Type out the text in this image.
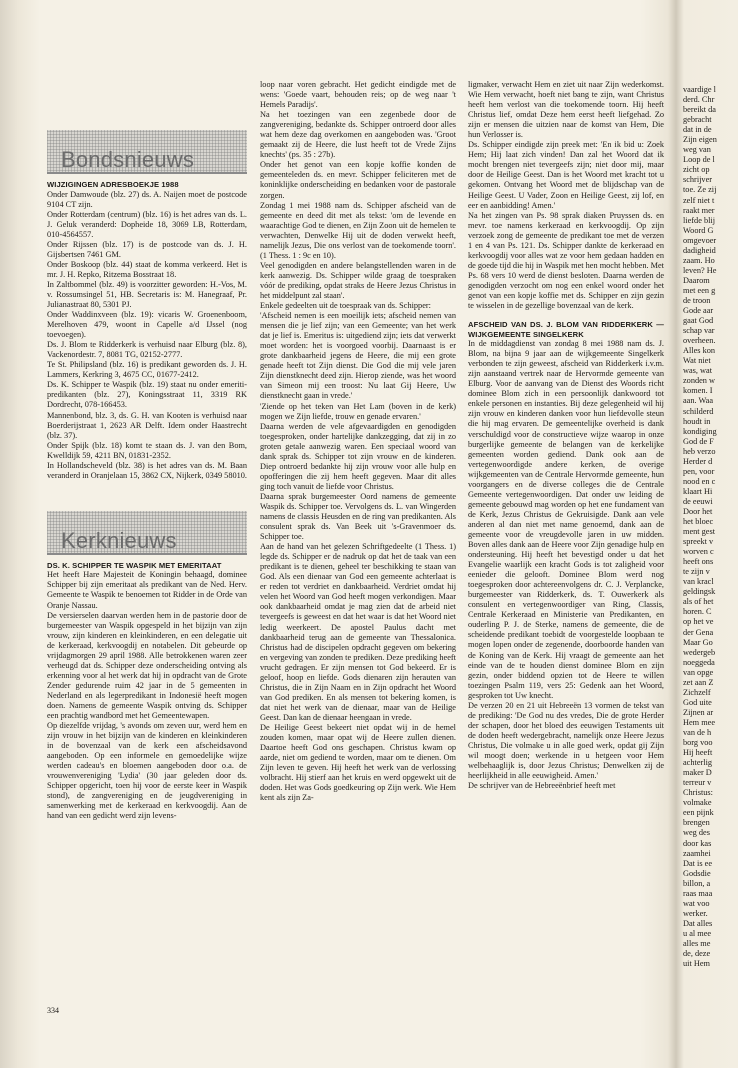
Bondsnieuws
WIJZIGINGEN ADRESBOEKJE 1988

Onder Damwoude (blz. 27) ds. A. Naijen moet de postcode 9104 CT zijn.

Onder Rotterdam (centrum) (blz. 16) is het adres van ds. L. J. Geluk veranderd: Dopheide 18, 3069 LB, Rotterdam, 010-4564557.

Onder Rijssen (blz. 17) is de postcode van ds. J. H. Gijsbertsen 7461 GM.

Onder Boskoop (blz. 44) staat de komma verkeerd. Het is mr. J. H. Repko, Ritzema Bosstraat 18.

In Zaltbommel (blz. 49) is voorzitter geworden: H.-Vos, M. v. Rossumsingel 51, HB. Secretaris is: M. Hanegraaf, Pr. Julianastraat 80, 5301 PJ.

Onder Waddinxveen (blz. 19): vicaris W. Groenenboom, Merelhoven 479, woont in Capelle a/d IJssel (nog toevoegen).

Ds. J. Blom te Ridderkerk is verhuisd naar Elburg (blz. 8), Vackenordestr. 7, 8081 TG, 02152-2777.

Te St. Philipsland (blz. 16) is predikant geworden ds. J. H. Lammers, Kerkring 3, 4675 CC, 01677-2412.

Ds. K. Schipper te Waspik (blz. 19) staat nu onder emeriti-predikanten (blz. 27), Koningsstraat 11, 3319 RK Dordrecht, 078-166453.

Mannenbond, blz. 3, ds. G. H. van Kooten is verhuisd naar Boerderijstraat 1, 2623 AR Delft. Idem onder Haastrecht (blz. 37).

Onder Spijk (blz. 18) komt te staan ds. J. van den Bom, Kwelldijk 59, 4211 BN, 01831-2352.

In Hollandscheveld (blz. 38) is het adres van ds. M. Baan veranderd in Oranjelaan 15, 3862 CX, Nijkerk, 0349 58010.

Kerknieuws
DS. K. SCHIPPER TE WASPIK MET EMERITAAT

Het heeft Hare Majesteit de Koningin behaagd, dominee Schipper bij zijn emeritaat als predikant van de Ned. Herv. Gemeente te Waspik te benoemen tot Ridder in de Orde van Oranje Nassau.

De versierselen daarvan werden hem in de pastorie door de burgemeester van Waspik opgespeld in het bijzijn van zijn vrouw, zijn kinderen en kleinkinderen, en een delegatie uit de kerkeraad, kerkvoogdij en notabelen. Dit gebeurde op vrijdagmorgen 29 april 1988. Alle betrokkenen waren zeer verheugd dat ds. Schipper deze onderscheiding ontving als erkenning voor al het werk dat hij in opdracht van de Grote Zender gedurende ruim 42 jaar in de 5 gemeenten in Nederland en als legerpredikant in Indonesië heeft mogen doen. Namens de gemeente Waspik ontving ds. Schipper een prachtig wandbord met het Gemeentewapen.

Op diezelfde vrijdag, 's avonds om zeven uur, werd hem en zijn vrouw in het bijzijn van de kinderen en kleinkinderen in de bovenzaal van de kerk een afscheidsavond aangeboden. Op een informele en gemoedelijke wijze werden cadeau's en bloemen aangeboden door o.a. de vrouwenvereniging 'Lydia' (30 jaar geleden door ds. Schipper opgericht, toen hij voor de eerste keer in Waspik stond), de zangvereniging en de jeugdvereniging in samenwerking met de kerkeraad en kerkvoogdij. Aan de hand van een gedicht werd zijn levens-

loop naar voren gebracht. Het gedicht eindigde met de wens: 'Goede vaart, behouden reis; op de weg naar 't Hemels Paradijs'.

Na het toezingen van een zegenbede door de zangvereniging, bedankte ds. Schipper ontroerd door alles wat hem deze dag overkomen en aangeboden was. 'Groot gemaakt zij de Heere, die lust heeft tot de Vrede Zijns knechts' (ps. 35 : 27b).

Onder het genot van een kopje koffie konden de gemeenteleden ds. en mevr. Schipper feliciteren met de koninklijke onderscheiding en bedanken voor de pastorale zorgen.

Zondag 1 mei 1988 nam ds. Schipper afscheid van de gemeente en deed dit met als tekst: 'om de levende en waarachtige God te dienen, en Zijn Zoon uit de hemelen te verwachten, Denwelke Hij uit de doden verwekt heeft, namelijk Jezus, Die ons verlost van de toekomende toorn'. (1 Thess. 1 : 9c en 10).

Veel genodigden en andere belangstellenden waren in de kerk aanwezig. Ds. Schipper wilde graag de toespraken vóór de prediking, opdat straks de Heere Jezus Christus in het middelpunt zal staan'.

Enkele gedeelten uit de toespraak van ds. Schipper:

'Afscheid nemen is een moeilijk iets; afscheid nemen van mensen die je lief zijn; van een Gemeente; van het werk dat je lief is. Emeritus is: uitgediend zijn; iets dat verwerkt moet worden: het is voorgoed voorbij. Daarnaast is er grote dankbaarheid jegens de Heere, die mij een grote genade heeft tot Zijn dienst. Die God die mij vele jaren Zijn dienstknecht deed zijn. Hierop ziende, was het woord van Simeon mij een troost: Nu laat Gij Heere, Uw dienstknecht gaan in vrede.'

'Ziende op het teken van Het Lam (boven in de kerk) mogen we Zijn liefde, trouw en genade ervaren.'

Daarna werden de vele afgevaardigden en genodigden toegesproken, onder hartelijke dankzegging, dat zij in zo groten getale aanwezig waren. Een speciaal woord van dank sprak ds. Schipper tot zijn vrouw en de kinderen. Diep ontroerd bedankte hij zijn vrouw voor alle hulp en opofferingen die zij hem heeft gegeven. Maar dit alles ging toch vanuit de liefde voor Christus.

Daarna sprak burgemeester Oord namens de gemeente Waspik ds. Schipper toe. Vervolgens ds. L. van Wingerden namens de classis Heusden en de ring van predikanten. Als consulent sprak ds. Van Beek uit 's-Gravenmoer ds. Schipper toe.

Aan de hand van het gelezen Schriftgedeelte (1 Thess. 1) legde ds. Schipper er de nadruk op dat het de taak van een predikant is te dienen, geheel ter beschikking te staan van God. Als een dienaar van God een gemeente achterlaat is er reden tot verdriet en dankbaarheid. Verdriet omdat hij velen het Woord van God heeft mogen verkondigen. Maar ook dankbaarheid omdat je mag zien dat de arbeid niet tevergeefs is geweest en dat het waar is dat het Woord niet ledig weerkeert. De apostel Paulus dacht met dankbaarheid terug aan de gemeente van Thessalonica. Christus had de discipelen opdracht gegeven om bekering en vergeving van zonden te prediken. Deze prediking heeft vrucht gedragen. Er zijn mensen tot God bekeerd. Er is geloof, hoop en liefde. Gods dienaren zijn herauten van Christus, die in Zijn Naam en in Zijn opdracht het Woord van God prediken. En als mensen tot bekering komen, is dat niet het werk van de dienaar, maar van de Heilige Geest. Dan kan de dienaar heengaan in vrede.

De Heilige Geest bekeert niet opdat wij in de hemel zouden komen, maar opat wij de Heere zullen dienen. Daartoe heeft God ons geschapen. Christus kwam op aarde, niet om gediend te worden, maar om te dienen. Om Zijn leven te geven. Hij heeft het werk van de verlossing volbracht. Hij stierf aan het kruis en werd opgewekt uit de doden. Het was Gods goedkeuring op Zijn werk. Wie Hem kent als zijn Za-

ligmaker, verwacht Hem en ziet uit naar Zijn wederkomst. Wie Hem verwacht, hoeft niet bang te zijn, want Christus heeft hem verlost van die toekomende toorn. Hij heeft Christus lief, omdat Deze hem eerst heeft liefgehad. Zo zijn er mensen die uitzien naar de komst van Hem, Die hun Verlosser is.

Ds. Schipper eindigde zijn preek met: 'En ik bid u: Zoek Hem; Hij laat zich vinden! Dan zal het Woord dat ik mocht brengen niet tevergeefs zijn; niet door mij, maar door de Heilige Geest. Dan is het Woord met kracht tot u gekomen. Ontvang het Woord met de blijdschap van de Heilige Geest. U Vader, Zoon en Heilige Geest, zij lof, en eer en aanbidding! Amen.'

Na het zingen van Ps. 98 sprak diaken Pruyssen ds. en mevr. toe namens kerkeraad en kerkvoogdij. Op zijn verzoek zong de gemeente de predikant toe met de verzen 1 en 4 van Ps. 121. Ds. Schipper dankte de kerkeraad en kerkvoogdij voor alles wat ze voor hem gedaan hadden en de goede tijd die hij in Waspik met hen mocht hebben. Met Ps. 68 vers 10 werd de dienst besloten. Daarna werden de genodigden verzocht om nog een enkel woord onder het genot van een kopje koffie met ds. Schipper en zijn gezin te wisselen in de gezellige bovenzaal van de kerk.

AFSCHEID VAN DS. J. BLOM VAN RIDDERKERK — WIJKGEMEENTE SINGELKERK

In de middagdienst van zondag 8 mei 1988 nam ds. J. Blom, na bijna 9 jaar aan de wijkgemeente Singelkerk verbonden te zijn geweest, afscheid van Ridderkerk i.v.m. zijn aanstaand vertrek naar de Hervormde gemeente van Elburg. Voor de aanvang van de Dienst des Woords richt dominee Blom zich in een persoonlijk dankwoord tot enkele personen en instanties. Bij deze gelegenheid wil hij zijn vrouw en kinderen danken voor hun liefdevolle steun die hij mag ervaren. De gemeentelijke overheid is dank verschuldigd voor de constructieve wijze waarop in onze burgerlijke gemeente de belangen van de kerkelijke gemeenten worden gediend. Dank ook aan de vertegenwoordigde andere kerken, de overige wijkgemeenten van de Centrale Hervormde gemeente, hun voorgangers en de diverse colleges die de Centrale Gemeente vertegenwoordigen. Dat onder uw leiding de gemeente gebouwd mag worden op het ene fundament van de Kerk, Jezus Christus de Gekruisigde. Dank aan vele anderen al dan niet met name genoemd, dank aan de gemeente voor de vreugdevolle jaren in uw midden. Boven alles dank aan de Heere voor Zijn genadige hulp en ondersteuning. Hij heeft het bevestigd onder u dat het Evangelie waarlijk een kracht Gods is tot zaligheid voor eenieder die gelooft. Dominee Blom werd nog toegesproken door achtereenvolgens dr. C. J. Verplancke, burgemeester van Ridderkerk, ds. T. Ouwerkerk als consulent en vertegenwoordiger van Ring, Classis, Centrale Kerkeraad en Ministerie van Predikanten, en ouderling P. J. de Sterke, namens de gemeente, die de scheidende predikant toebidt de voorgestelde loopbaan te mogen lopen onder de zegenende, doorboorde handen van de Koning van de Kerk. Hij vraagt de gemeente aan het einde van de te houden dienst dominee Blom en zijn gezin, onder biddend opzien tot de Heere te willen toezingen Psalm 119, vers 25: Gedenk aan het Woord, gesproken tot Uw knecht.

De verzen 20 en 21 uit Hebreeën 13 vormen de tekst van de prediking: 'De God nu des vredes, Die de grote Herder der schapen, door het bloed des eeuwigen Testaments uit de doden heeft wedergebracht, namelijk onze Heere Jezus Christus, Die volmake u in alle goed werk, opdat gij Zijn wil moogt doen; werkende in u hetgeen voor Hem welbehaaglijk is, door Jezus Christus; Denwelken zij de heerlijkheid in alle eeuwigheid. Amen.'

De schrijver van de Hebreeënbrief heeft met

vaardige l
derd. Chr
bereikt da
gebracht
dat in de
Zijn eigen
weg van
Loop de l
zicht op
schrijver
toe. Ze zij
zelf niet t
raakt mer
liefde blij
Woord G
omgevoer
dadigheid
zaam. Ho
leven? He
Daarom
met een g
de troon
Gode aar
gaat God
schap var
overheen.
Alles kon
Wat niet
was, wat
zonden w
komen. I
aan. Waa
schilderd
houdt in
kondiging
God de F
heb verzo
Herder d
pen, voor
nood en c
klaart Hi
de eeuwi
Door het
het bloec
ment gest
spreekt v
worven c
heeft ons
te zijn v
van kracl
geldingsk
als of het
horen. C
op het ve
der Gena
Maar Go
wedergeb
noeggeda
van opge
zet aan Z
Zichzelf
God uite
Zijnen ar
Hem mee
van de h
borg voo
Hij heeft
achterlig
maker D
terreur v
Christus:
volmake
een pijnk
brengen
weg des
door kas
zaamhei
Dat is ee
Godsdie
billon, a
raas maa
wat voo
werker.
Dat alles
u al mee
alles me
de, deze
uit Hem
334
